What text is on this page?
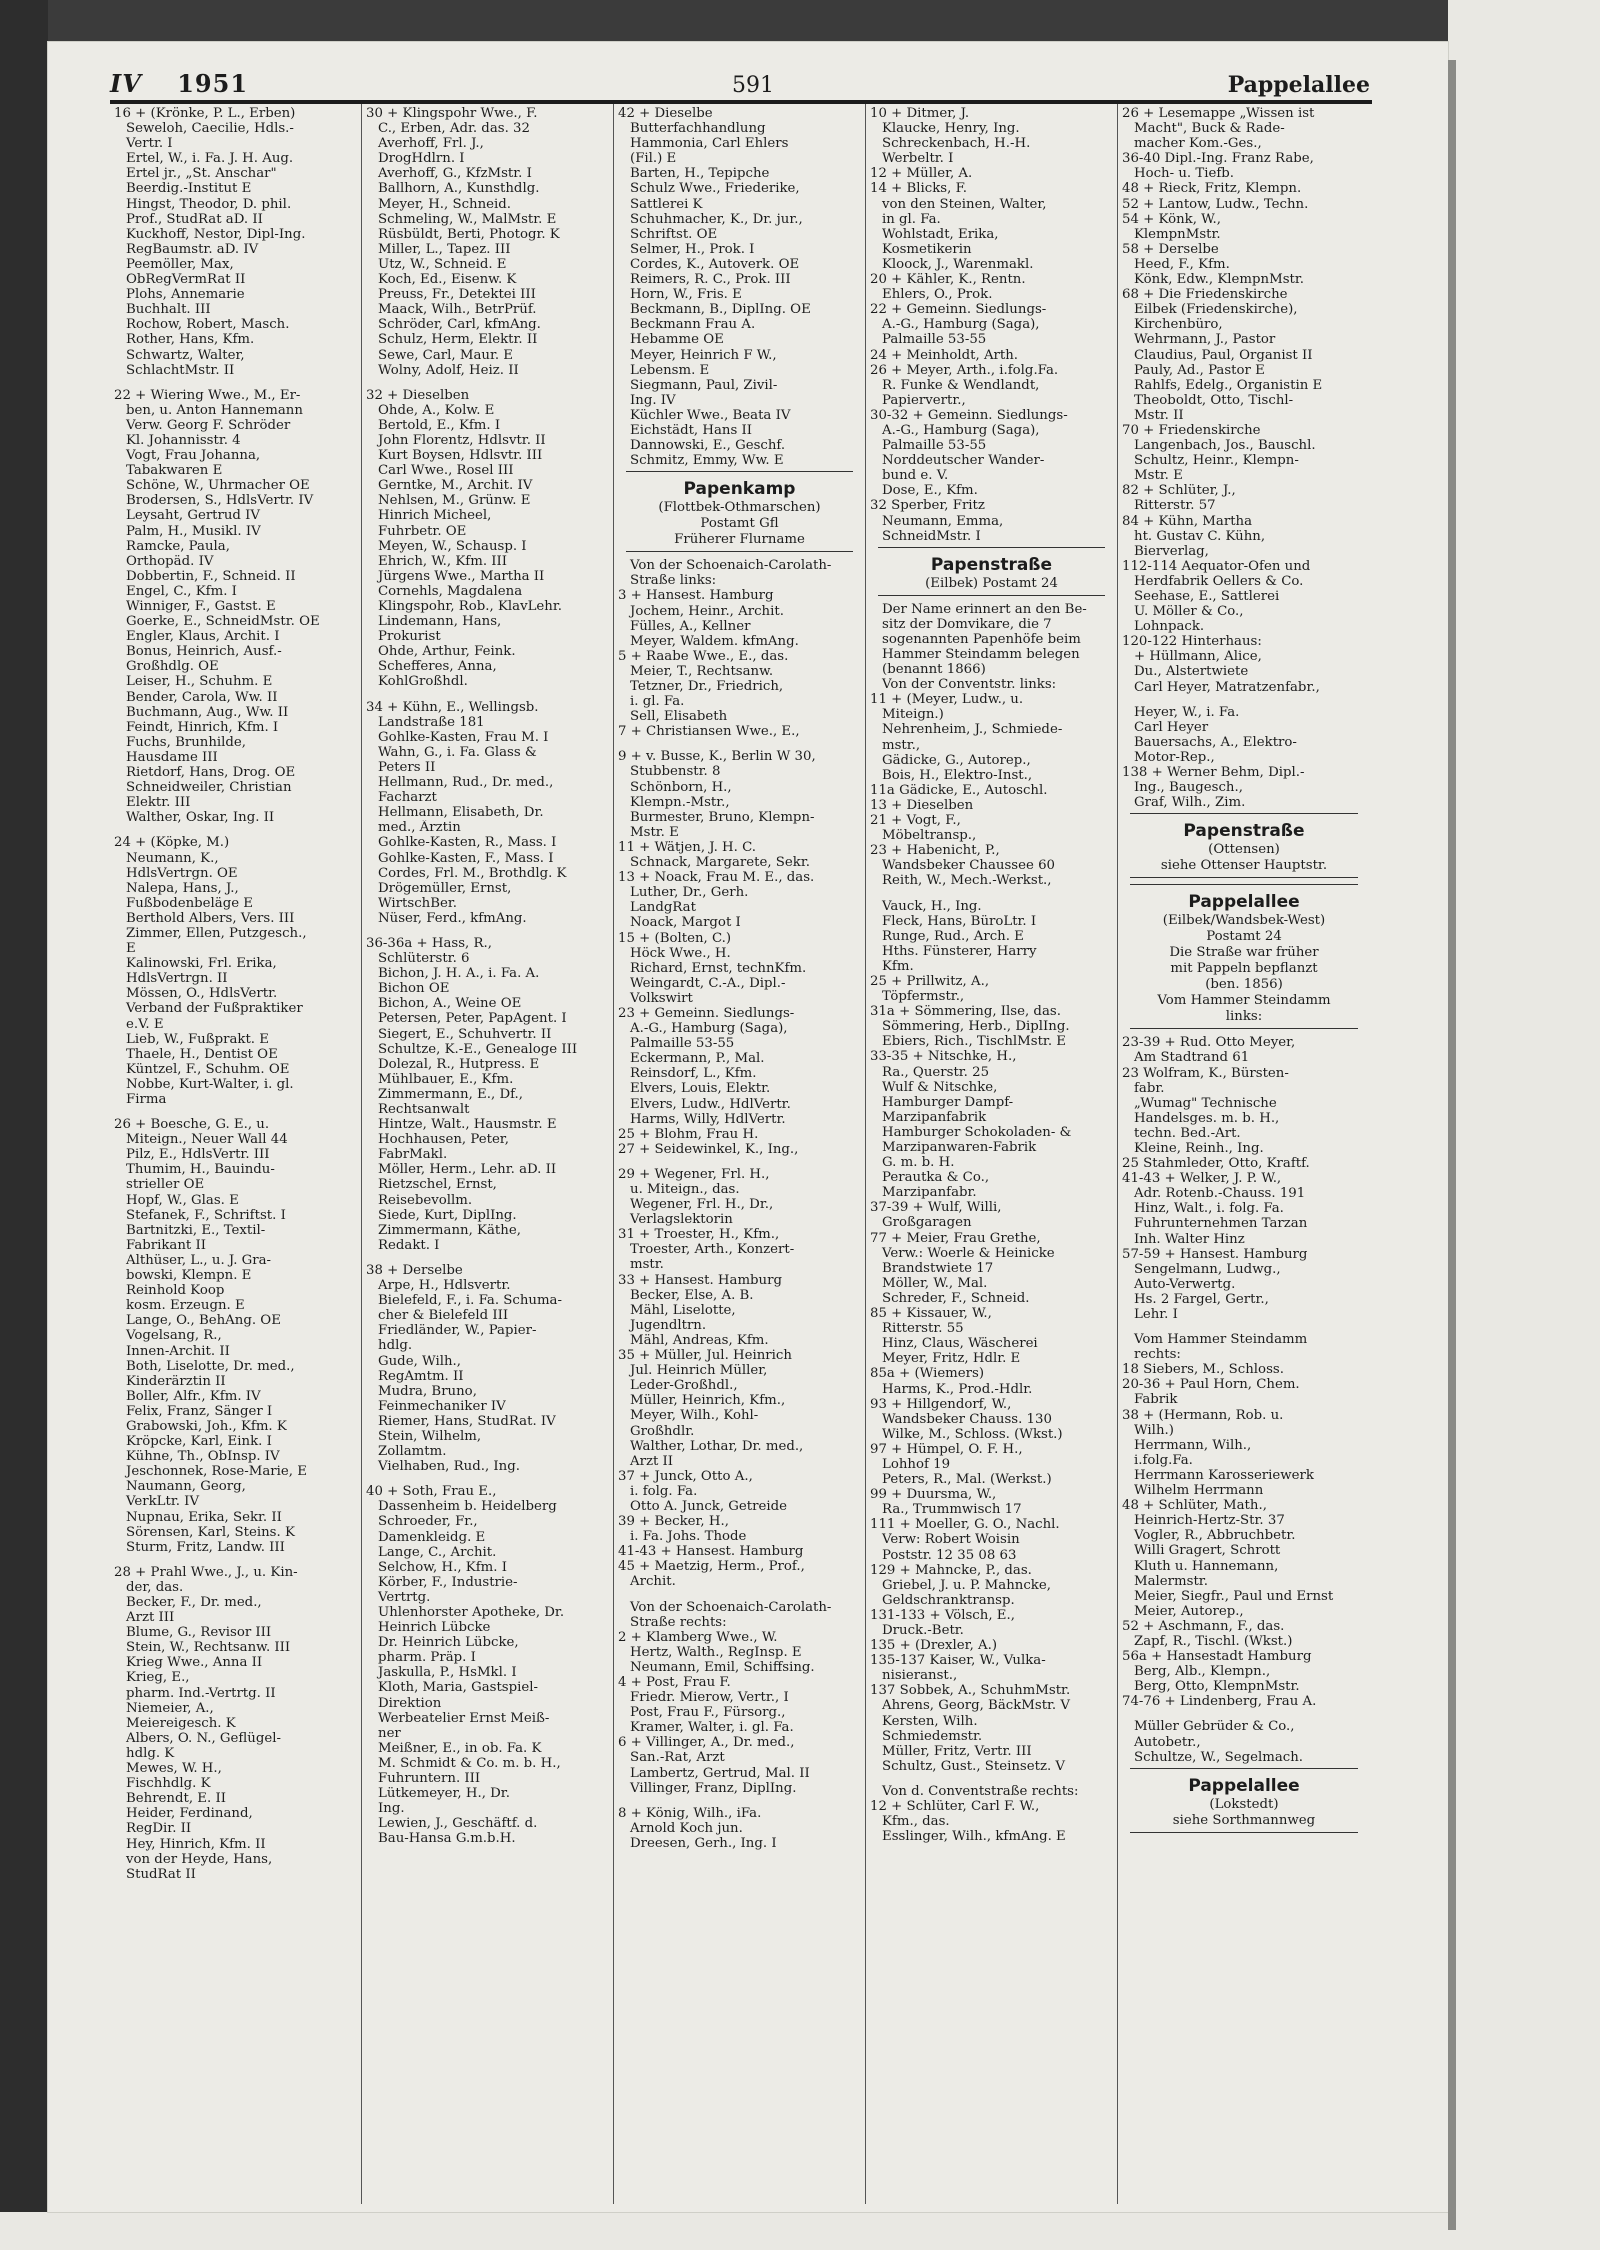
IV 1951	591	Pappelallee
16 + (Krönke, P. L., Erben)
Seweloh, Caecilie, Hdls.-
Vertr. I
Ertel, W., i. Fa. J. H. Aug.
Ertel jr., „St. Anschar"
Beerdig.-Institut E
Hingst, Theodor, D. phil.
Prof., StudRat aD. II
Kuckhoff, Nestor, Dipl-Ing.
RegBaumstr. aD. IV
Peemöller, Max,
ObRegVermRat II
Plohs, Annemarie
Buchhalt. III
Rochow, Robert, Masch.
Rother, Hans, Kfm.
Schwartz, Walter,
SchlachtMstr. II
22 + Wiering Wwe., M., Er-
ben, u. Anton Hannemann
Verw. Georg F. Schröder
Kl. Johannisstr. 4
Vogt, Frau Johanna,
Tabakwaren E
Schöne, W., Uhrmacher OE
Brodersen, S., HdlsVertr. IV
Leysaht, Gertrud IV
Palm, H., Musikl. IV
Ramcke, Paula,
Orthopäd. IV
Dobbertin, F., Schneid. II
Engel, C., Kfm. I
Winniger, F., Gastst. E
Goerke, E., SchneidMstr. OE
Engler, Klaus, Archit. I
Bonus, Heinrich, Ausf.-
Großhdlg. OE
Leiser, H., Schuhm. E
Bender, Carola, Ww. II
Buchmann, Aug., Ww. II
Feindt, Hinrich, Kfm. I
Fuchs, Brunhilde,
Hausdame III
Rietdorf, Hans, Drog. OE
Schneidweiler, Christian
Elektr. III
Walther, Oskar, Ing. II
24 + (Köpke, M.)
Neumann, K.,
HdlsVertrgn. OE
Nalepa, Hans, J.,
Fußbodenbeläge E
Berthold Albers, Vers. III
Zimmer, Ellen, Putzgesch.,
E
Kalinowski, Frl. Erika,
HdlsVertrgn. II
Mössen, O., HdlsVertr.
Verband der Fußpraktiker
e.V. E
Lieb, W., Fußprakt. E
Thaele, H., Dentist OE
Küntzel, F., Schuhm. OE
Nobbe, Kurt-Walter, i. gl.
Firma
26 + Boesche, G. E., u.
Miteign., Neuer Wall 44
Pilz, E., HdlsVertr. III
Thumim, H., Bauindu-
strieller OE
Hopf, W., Glas. E
Stefanek, F., Schriftst. I
Bartnitzki, E., Textil-
Fabrikant II
Althüser, L., u. J. Gra-
bowski, Klempn. E
Reinhold Koop
kosm. Erzeugn. E
Lange, O., BehAng. OE
Vogelsang, R.,
Innen-Archit. II
Both, Liselotte, Dr. med.,
Kinderärztin II
Boller, Alfr., Kfm. IV
Felix, Franz, Sänger I
Grabowski, Joh., Kfm. K
Kröpcke, Karl, Eink. I
Kühne, Th., ObInsp. IV
Jeschonnek, Rose-Marie, E
Naumann, Georg,
VerkLtr. IV
Nupnau, Erika, Sekr. II
Sörensen, Karl, Steins. K
Sturm, Fritz, Landw. III
28 + Prahl Wwe., J., u. Kin-
der, das.
Becker, F., Dr. med.,
Arzt III
Blume, G., Revisor III
Stein, W., Rechtsanw. III
Krieg Wwe., Anna II
Krieg, E.,
pharm. Ind.-Vertrtg. II
Niemeier, A.,
Meiereigesch. K
Albers, O. N., Geflügel-
hdlg. K
Mewes, W. H.,
Fischhdlg. K
Behrendt, E. II
Heider, Ferdinand,
RegDir. II
Hey, Hinrich, Kfm. II
von der Heyde, Hans,
StudRat II
30 + Klingspohr Wwe., F.
C., Erben, Adr. das. 32
Averhoff, Frl. J.,
DrogHdlrn. I
Averhoff, G., KfzMstr. I
Ballhorn, A., Kunsthdlg.
Meyer, H., Schneid.
Schmeling, W., MalMstr. E
Rüsbüldt, Berti, Photogr. K
Miller, L., Tapez. III
Utz, W., Schneid. E
Koch, Ed., Eisenw. K
Preuss, Fr., Detektei III
Maack, Wilh., BetrPrüf.
Schröder, Carl, kfmAng.
Schulz, Herm, Elektr. II
Sewe, Carl, Maur. E
Wolny, Adolf, Heiz. II
32 + Dieselben
Ohde, A., Kolw. E
Bertold, E., Kfm. I
John Florentz, Hdlsvtr. II
Kurt Boysen, Hdlsvtr. III
Carl Wwe., Rosel III
Gerntke, M., Archit. IV
Nehlsen, M., Grünw. E
Hinrich Micheel,
Fuhrbetr. OE
Meyen, W., Schausp. I
Ehrich, W., Kfm. III
Jürgens Wwe., Martha II
Cornehls, Magdalena
Klingspohr, Rob., KlavLehr.
Lindemann, Hans,
Prokurist
Ohde, Arthur, Feink.
Schefferes, Anna,
KohlGroßhdl.
34 + Kühn, E., Wellingsb.
Landstraße 181
Gohlke-Kasten, Frau M. I
Wahn, G., i. Fa. Glass &
Peters II
Hellmann, Rud., Dr. med.,
Facharzt
Hellmann, Elisabeth, Dr.
med., Ärztin
Gohlke-Kasten, R., Mass. I
Gohlke-Kasten, F., Mass. I
Cordes, Frl. M., Brothdlg. K
Drögemüller, Ernst,
WirtschBer.
Nüser, Ferd., kfmAng.
36-36a + Hass, R.,
Schlüterstr. 6
Bichon, J. H. A., i. Fa. A.
Bichon OE
Bichon, A., Weine OE
Petersen, Peter, PapAgent. I
Siegert, E., Schuhvertr. II
Schultze, K.-E., Genealoge III
Dolezal, R., Hutpress. E
Mühlbauer, E., Kfm.
Zimmermann, E., Df.,
Rechtsanwalt
Hintze, Walt., Hausmstr. E
Hochhausen, Peter,
FabrMakl.
Möller, Herm., Lehr. aD. II
Rietzschel, Ernst,
Reisebevollm.
Siede, Kurt, DiplIng.
Zimmermann, Käthe,
Redakt. I
38 + Derselbe
Arpe, H., Hdlsvertr.
Bielefeld, F., i. Fa. Schuma-
cher & Bielefeld III
Friedländer, W., Papier-
hdlg.
Gude, Wilh.,
RegAmtm. II
Mudra, Bruno,
Feinmechaniker IV
Riemer, Hans, StudRat. IV
Stein, Wilhelm,
Zollamtm.
Vielhaben, Rud., Ing.
40 + Soth, Frau E.,
Dassenheim b. Heidelberg
Schroeder, Fr.,
Damenkleidg. E
Lange, C., Archit.
Selchow, H., Kfm. I
Körber, F., Industrie-
Vertrtg.
Uhlenhorster Apotheke, Dr.
Heinrich Lübcke
Dr. Heinrich Lübcke,
pharm. Präp. I
Jaskulla, P., HsMkl. I
Kloth, Maria, Gastspiel-
Direktion
Werbeatelier Ernst Meiß-
ner
Meißner, E., in ob. Fa. K
M. Schmidt & Co. m. b. H.,
Fuhruntern. III
Lütkemeyer, H., Dr.
Ing.
Lewien, J., Geschäftf. d.
Bau-Hansa G.m.b.H.
42 + Dieselbe
Butterfachhandlung
Hammonia, Carl Ehlers
(Fil.) E
Barten, H., Tepipche
Schulz Wwe., Friederike,
Sattlerei K
Schuhmacher, K., Dr. jur.,
Schriftst. OE
Selmer, H., Prok. I
Cordes, K., Autoverk. OE
Reimers, R. C., Prok. III
Horn, W., Fris. E
Beckmann, B., DiplIng. OE
Beckmann Frau A.
Hebamme OE
Meyer, Heinrich F W.,
Lebensm. E
Siegmann, Paul, Zivil-
Ing. IV
Küchler Wwe., Beata IV
Eichstädt, Hans II
Dannowski, E., Geschf.
Schmitz, Emmy, Ww. E
Papenkamp
(Flottbek-Othmarschen)
Postamt Gfl
Früherer Flurname
Von der Schoenaich-Carolath-
Straße links:
3 + Hansest. Hamburg
Jochem, Heinr., Archit.
Fülles, A., Kellner
Meyer, Waldem. kfmAng.
5 + Raabe Wwe., E., das.
Meier, T., Rechtsanw.
Tetzner, Dr., Friedrich,
i. gl. Fa.
Sell, Elisabeth
7 + Christiansen Wwe., E.,
9 + v. Busse, K., Berlin W 30,
Stubbenstr. 8
Schönborn, H.,
Klempn.-Mstr.,
Burmester, Bruno, Klempn-
Mstr. E
11 + Wätjen, J. H. C.
Schnack, Margarete, Sekr.
13 + Noack, Frau M. E., das.
Luther, Dr., Gerh.
LandgRat
Noack, Margot I
15 + (Bolten, C.)
Höck Wwe., H.
Richard, Ernst, technKfm.
Weingardt, C.-A., Dipl.-
Volkswirt
23 + Gemeinn. Siedlungs-
A.-G., Hamburg (Saga),
Palmaille 53-55
Eckermann, P., Mal.
Reinsdorf, L., Kfm.
Elvers, Louis, Elektr.
Elvers, Ludw., HdlVertr.
Harms, Willy, HdlVertr.
25 + Blohm, Frau H.
27 + Seidewinkel, K., Ing.,
29 + Wegener, Frl. H.,
u. Miteign., das.
Wegener, Frl. H., Dr.,
Verlagslektorin
31 + Troester, H., Kfm.,
Troester, Arth., Konzert-
mstr.
33 + Hansest. Hamburg
Becker, Else, A. B.
Mähl, Liselotte,
Jugendltrn.
Mähl, Andreas, Kfm.
35 + Müller, Jul. Heinrich
Jul. Heinrich Müller,
Leder-Großhdl.,
Müller, Heinrich, Kfm.,
Meyer, Wilh., Kohl-
Großhdlr.
Walther, Lothar, Dr. med.,
Arzt II
37 + Junck, Otto A.,
i. folg. Fa.
Otto A. Junck, Getreide
39 + Becker, H.,
i. Fa. Johs. Thode
41-43 + Hansest. Hamburg
45 + Maetzig, Herm., Prof.,
Archit.
Von der Schoenaich-Carolath-
Straße rechts:
2 + Klamberg Wwe., W.
Hertz, Walth., RegInsp. E
Neumann, Emil, Schiffsing.
4 + Post, Frau F.
Friedr. Mierow, Vertr., I
Post, Frau F., Fürsorg.,
Kramer, Walter, i. gl. Fa.
6 + Villinger, A., Dr. med.,
San.-Rat, Arzt
Lambertz, Gertrud, Mal. II
Villinger, Franz, DiplIng.
8 + König, Wilh., iFa.
Arnold Koch jun.
Dreesen, Gerh., Ing. I
10 + Ditmer, J.
Klaucke, Henry, Ing.
Schreckenbach, H.-H.
Werbeltr. I
12 + Müller, A.
14 + Blicks, F.
von den Steinen, Walter,
in gl. Fa.
Wohlstadt, Erika,
Kosmetikerin
Kloock, J., Warenmakl.
20 + Kähler, K., Rentn.
Ehlers, O., Prok.
22 + Gemeinn. Siedlungs-
A.-G., Hamburg (Saga),
Palmaille 53-55
24 + Meinholdt, Arth.
26 + Meyer, Arth., i.folg.Fa.
R. Funke & Wendlandt,
Papiervertr.,
30-32 + Gemeinn. Siedlungs-
A.-G., Hamburg (Saga),
Palmaille 53-55
Norddeutscher Wander-
bund e. V.
Dose, E., Kfm.
32 Sperber, Fritz
Neumann, Emma,
SchneidMstr. I
Papenstraße
(Eilbek) Postamt 24
Der Name erinnert an den Be-
sitz der Domvikare, die 7
sogenannten Papenhöfe beim
Hammer Steindamm belegen
(benannt 1866)
Von der Conventstr. links:
11 + (Meyer, Ludw., u.
Miteign.)
Nehrenheim, J., Schmiede-
mstr.,
Gädicke, G., Autorep.,
Bois, H., Elektro-Inst.,
11a Gädicke, E., Autoschl.
13 + Dieselben
21 + Vogt, F.,
Möbeltransp.,
23 + Habenicht, P.,
Wandsbeker Chaussee 60
Reith, W., Mech.-Werkst.,
Vauck, H., Ing.
Fleck, Hans, BüroLtr. I
Runge, Rud., Arch. E
Hths. Fünsterer, Harry
Kfm.
25 + Prillwitz, A.,
Töpfermstr.,
31a + Sömmering, Ilse, das.
Sömmering, Herb., DiplIng.
Ebiers, Rich., TischlMstr. E
33-35 + Nitschke, H.,
Ra., Querstr. 25
Wulf & Nitschke,
Hamburger Dampf-
Marzipanfabrik
Hamburger Schokoladen- &
Marzipanwaren-Fabrik
G. m. b. H.
Perautka & Co.,
Marzipanfabr.
37-39 + Wulf, Willi,
Großgaragen
77 + Meier, Frau Grethe,
Verw.: Woerle & Heinicke
Brandstwiete 17
Möller, W., Mal.
Schreder, F., Schneid.
85 + Kissauer, W.,
Ritterstr. 55
Hinz, Claus, Wäscherei
Meyer, Fritz, Hdlr. E
85a + (Wiemers)
Harms, K., Prod.-Hdlr.
93 + Hillgendorf, W.,
Wandsbeker Chauss. 130
Wilke, M., Schloss. (Wkst.)
97 + Hümpel, O. F. H.,
Lohhof 19
Peters, R., Mal. (Werkst.)
99 + Duursma, W.,
Ra., Trummwisch 17
111 + Moeller, G. O., Nachl.
Verw: Robert Woisin
Poststr. 12 35 08 63
129 + Mahncke, P., das.
Griebel, J. u. P. Mahncke,
Geldschranktransp.
131-133 + Völsch, E.,
Druck.-Betr.
135 + (Drexler, A.)
135-137 Kaiser, W., Vulka-
nisieranst.,
137 Sobbek, A., SchuhmMstr.
Ahrens, Georg, BäckMstr. V
Kersten, Wilh.
Schmiedemstr.
Müller, Fritz, Vertr. III
Schultz, Gust., Steinsetz. V
Von d. Conventstraße rechts:
12 + Schlüter, Carl F. W.,
Kfm., das.
Esslinger, Wilh., kfmAng. E
26 + Lesemappe „Wissen ist
Macht", Buck & Rade-
macher Kom.-Ges.,
36-40 Dipl.-Ing. Franz Rabe,
Hoch- u. Tiefb.
48 + Rieck, Fritz, Klempn.
52 + Lantow, Ludw., Techn.
54 + Könk, W.,
KlempnMstr.
58 + Derselbe
Heed, F., Kfm.
Könk, Edw., KlempnMstr.
68 + Die Friedenskirche
Eilbek (Friedenskirche),
Kirchenbüro,
Wehrmann, J., Pastor
Claudius, Paul, Organist II
Pauly, Ad., Pastor E
Rahlfs, Edelg., Organistin E
Theoboldt, Otto, Tischl-
Mstr. II
70 + Friedenskirche
Langenbach, Jos., Bauschl.
Schultz, Heinr., Klempn-
Mstr. E
82 + Schlüter, J.,
Ritterstr. 57
84 + Kühn, Martha
ht. Gustav C. Kühn,
Bierverlag,
112-114 Aequator-Ofen und
Herdfabrik Oellers & Co.
Seehase, E., Sattlerei
U. Möller & Co.,
Lohnpack.
120-122 Hinterhaus:
+ Hüllmann, Alice,
Du., Alstertwiete
Carl Heyer, Matratzenfabr.,
Heyer, W., i. Fa.
Carl Heyer
Bauersachs, A., Elektro-
Motor-Rep.,
138 + Werner Behm, Dipl.-
Ing., Baugesch.,
Graf, Wilh., Zim.
Papenstraße
(Ottensen)
siehe Ottenser Hauptstr.
Pappelallee
(Eilbek/Wandsbek-West)
Postamt 24
Die Straße war früher
mit Pappeln bepflanzt
(ben. 1856)
Vom Hammer Steindamm
links:
23-39 + Rud. Otto Meyer,
Am Stadtrand 61
23 Wolfram, K., Bürsten-
fabr.
„Wumag" Technische
Handelsges. m. b. H.,
techn. Bed.-Art.
Kleine, Reinh., Ing.
25 Stahmleder, Otto, Kraftf.
41-43 + Welker, J. P. W.,
Adr. Rotenb.-Chauss. 191
Hinz, Walt., i. folg. Fa.
Fuhrunternehmen Tarzan
Inh. Walter Hinz
57-59 + Hansest. Hamburg
Sengelmann, Ludwg.,
Auto-Verwertg.
Hs. 2 Fargel, Gertr.,
Lehr. I
Vom Hammer Steindamm
rechts:
18 Siebers, M., Schloss.
20-36 + Paul Horn, Chem.
Fabrik
38 + (Hermann, Rob. u.
Wilh.)
Herrmann, Wilh.,
i.folg.Fa.
Herrmann Karosseriewerk
Wilhelm Herrmann
48 + Schlüter, Math.,
Heinrich-Hertz-Str. 37
Vogler, R., Abbruchbetr.
Willi Gragert, Schrott
Kluth u. Hannemann,
Malermstr.
Meier, Siegfr., Paul und Ernst
Meier, Autorep.,
52 + Aschmann, F., das.
Zapf, R., Tischl. (Wkst.)
56a + Hansestadt Hamburg
Berg, Alb., Klempn.,
Berg, Otto, KlempnMstr.
74-76 + Lindenberg, Frau A.
Müller Gebrüder & Co.,
Autobetr.,
Schultze, W., Segelmach.
Pappelallee
(Lokstedt)
siehe Sorthmannweg
